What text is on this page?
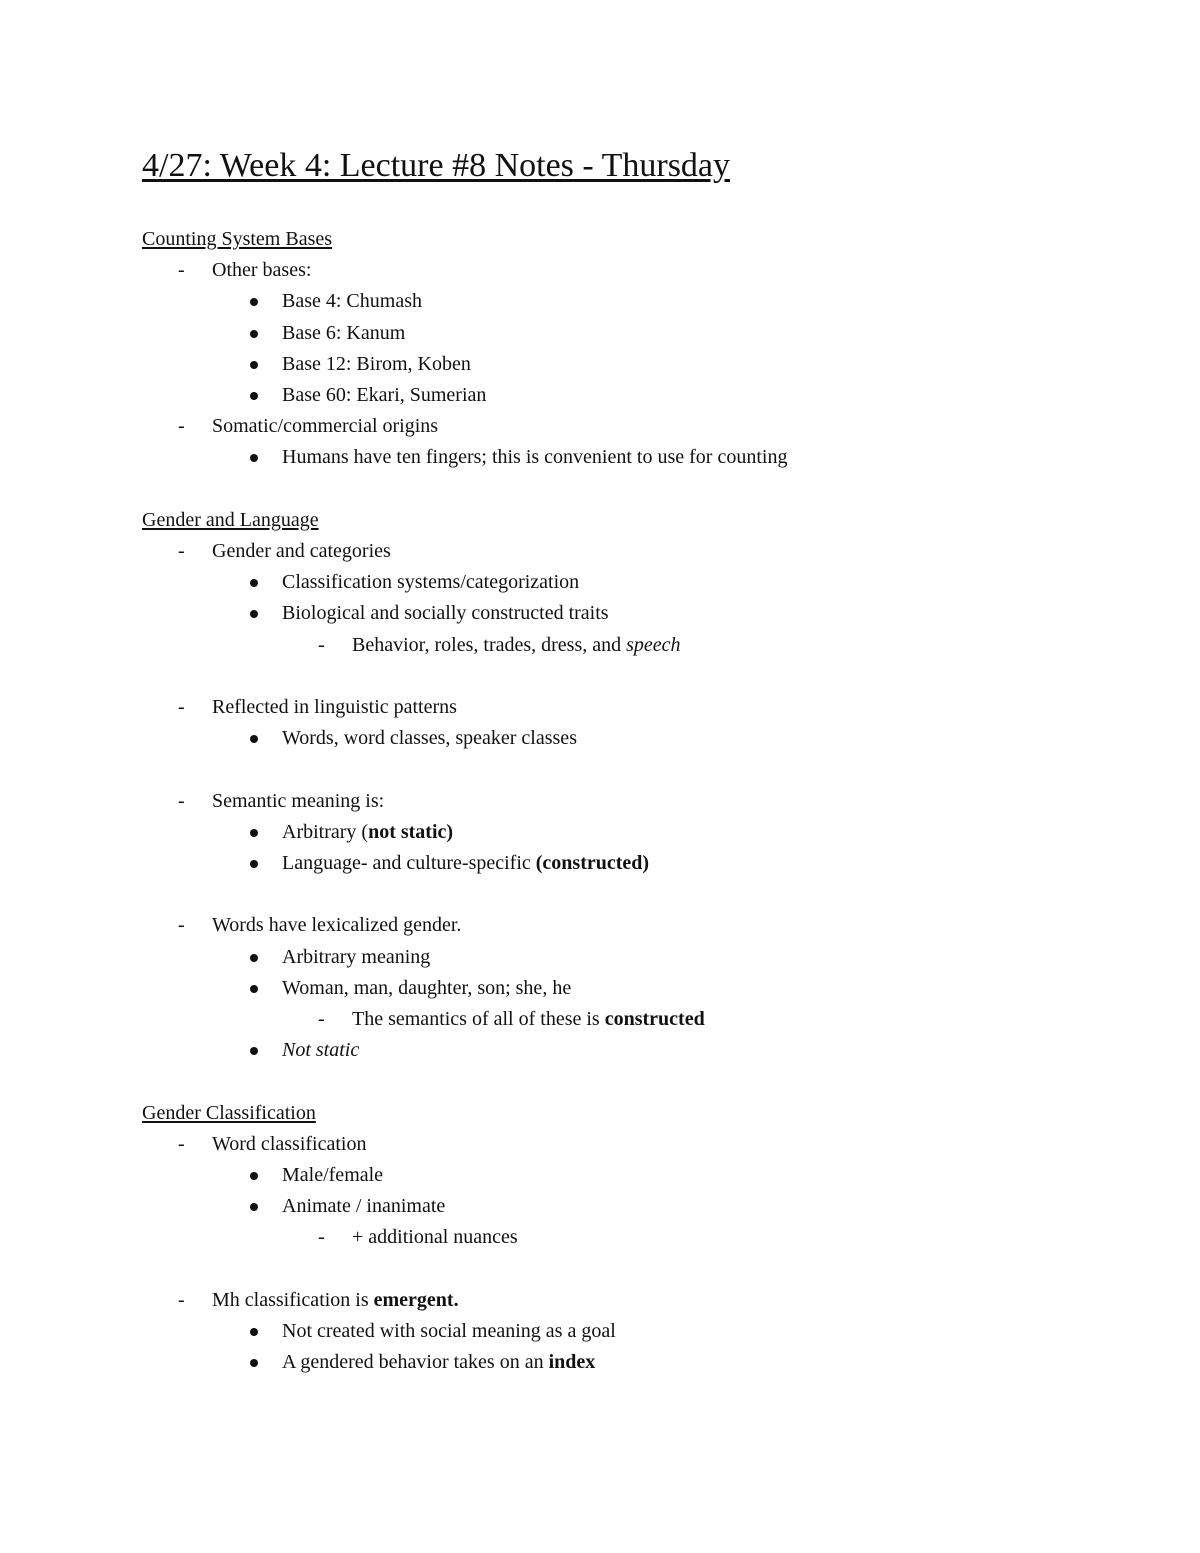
4/27: Week 4: Lecture #8 Notes - Thursday
Counting System Bases
- Other bases:
Base 4: Chumash
Base 6: Kanum
Base 12: Birom, Koben
Base 60: Ekari, Sumerian
- Somatic/commercial origins
Humans have ten fingers; this is convenient to use for counting
Gender and Language
- Gender and categories
Classification systems/categorization
Biological and socially constructed traits
- Behavior, roles, trades, dress, and speech
- Reflected in linguistic patterns
Words, word classes, speaker classes
- Semantic meaning is:
Arbitrary (not static)
Language- and culture-specific (constructed)
- Words have lexicalized gender.
Arbitrary meaning
Woman, man, daughter, son; she, he
- The semantics of all of these is constructed
Not static
Gender Classification
- Word classification
Male/female
Animate / inanimate
- + additional nuances
- Mh classification is emergent.
Not created with social meaning as a goal
A gendered behavior takes on an index
